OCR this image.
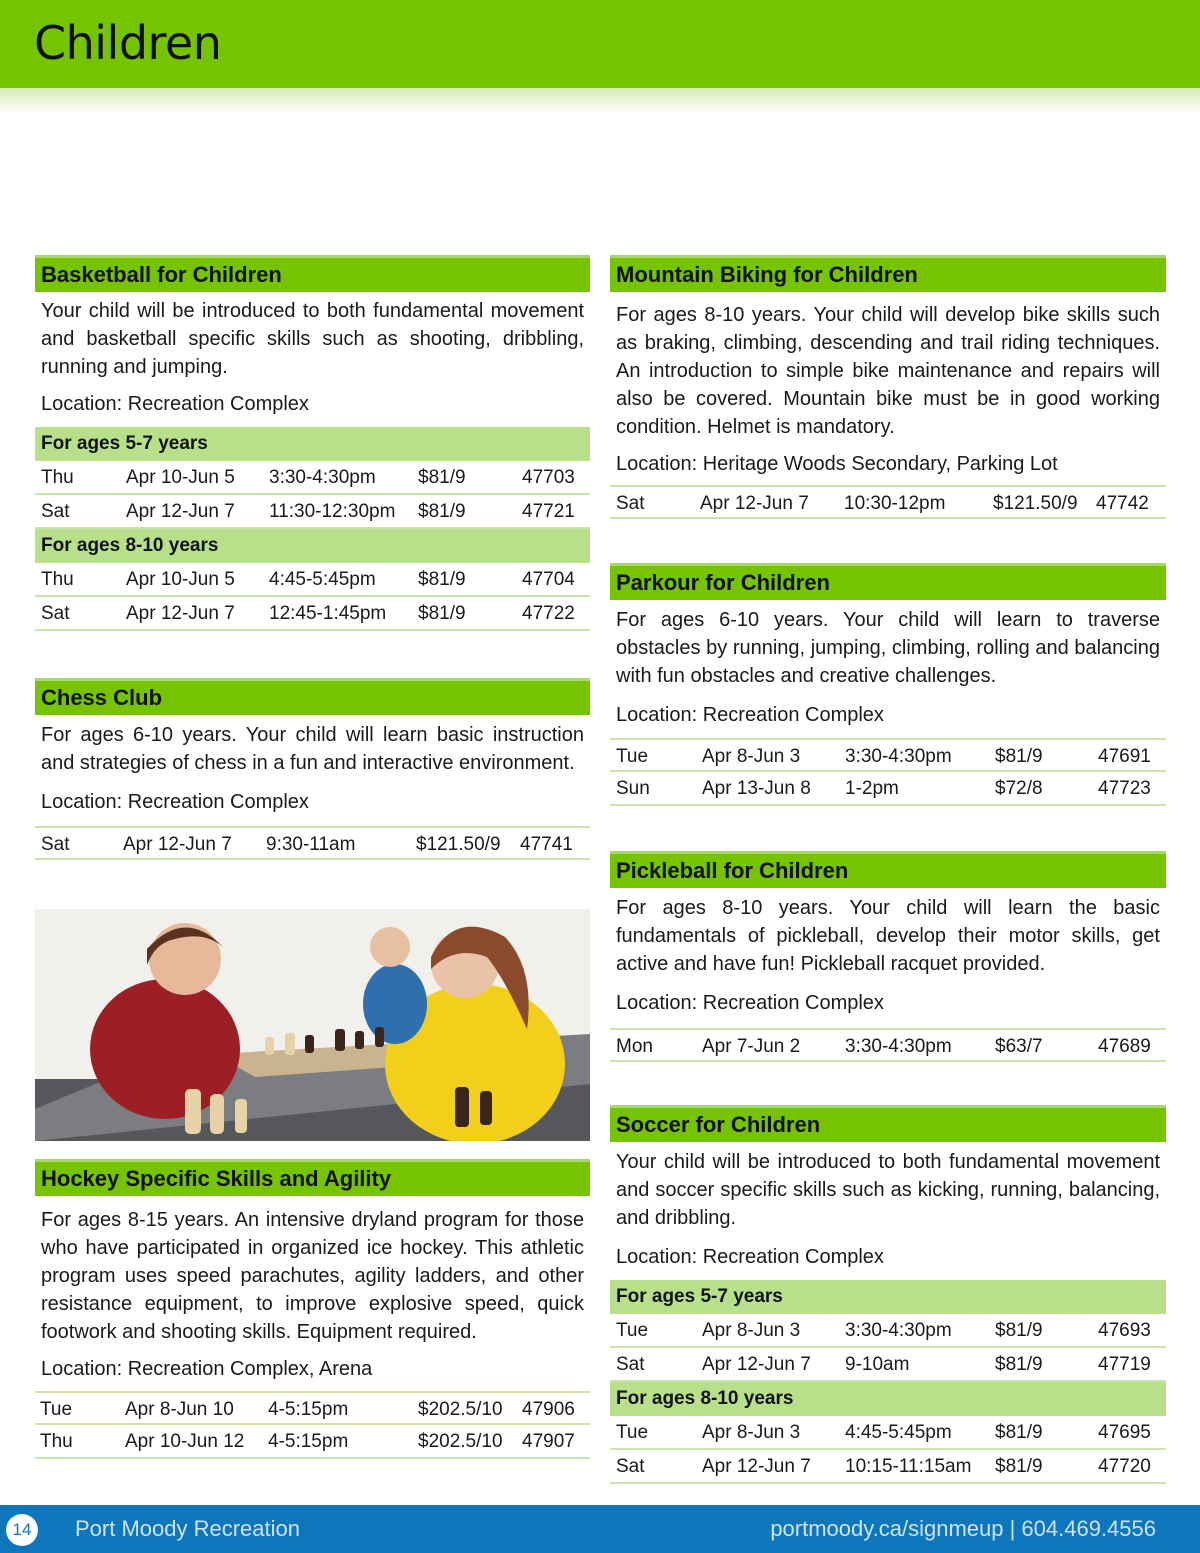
Children
Basketball for Children
Your child will be introduced to both fundamental movement and basketball specific skills such as shooting, dribbling, running and jumping.
Location: Recreation Complex
For ages 5-7 years
Thu	Apr 10-Jun 5 3:30-4:30pm $81/9	47703
Sat	Apr 12-Jun 7 11:30-12:30pm $81/9	47721
For ages 8-10 years
Thu	Apr 10-Jun 5 4:45-5:45pm $81/9	47704
Sat	Apr 12-Jun 7 12:45-1:45pm $81/9	47722
Chess Club
For ages 6-10 years. Your child will learn basic instruction and strategies of chess in a fun and interactive environment.
Location: Recreation Complex
Sat	Apr 12-Jun 7 9:30-11am	$121.50/9 47741
Hockey Specific Skills and Agility
For ages 8-15 years. An intensive dryland program for those who have participated in organized ice hockey. This athletic program uses speed parachutes, agility ladders, and other resistance equipment, to improve explosive speed, quick footwork and shooting skills. Equipment required.
Location: Recreation Complex, Arena
Tue	Apr 8-Jun 10 4-5:15pm	$202.5/10 47906
Thu	Apr 10-Jun 12 4-5:15pm	$202.5/10 47907
Mountain Biking for Children
For ages 8-10 years. Your child will develop bike skills such as braking, climbing, descending and trail riding techniques. An introduction to simple bike maintenance and repairs will also be covered. Mountain bike must be in good working condition. Helmet is mandatory.
Location: Heritage Woods Secondary, Parking Lot
Sat	Apr 12-Jun 7 10:30-12pm	$121.50/9 47742
Parkour for Children
For ages 6-10 years. Your child will learn to traverse obstacles by running, jumping, climbing, rolling and balancing with fun obstacles and creative challenges.
Location: Recreation Complex
Tue	Apr 8-Jun 3 3:30-4:30pm $81/9	47691
Sun	Apr 13-Jun 8 1-2pm	$72/8	47723
Pickleball for Children
For ages 8-10 years. Your child will learn the basic fundamentals of pickleball, develop their motor skills, get active and have fun! Pickleball racquet provided.
Location: Recreation Complex
Mon	Apr 7-Jun 2 3:30-4:30pm $63/7	47689
Soccer for Children
Your child will be introduced to both fundamental movement and soccer specific skills such as kicking, running, balancing, and dribbling.
Location: Recreation Complex
For ages 5-7 years
Tue	Apr 8-Jun 3 3:30-4:30pm $81/9	47693
Sat	Apr 12-Jun 7 9-10am	$81/9	47719
For ages 8-10 years
Tue	Apr 8-Jun 3 4:45-5:45pm $81/9	47695
Sat	Apr 12-Jun 7 10:15-11:15am $81/9	47720
14 Port Moody Recreation	portmoody.ca/signmeup | 604.469.4556
